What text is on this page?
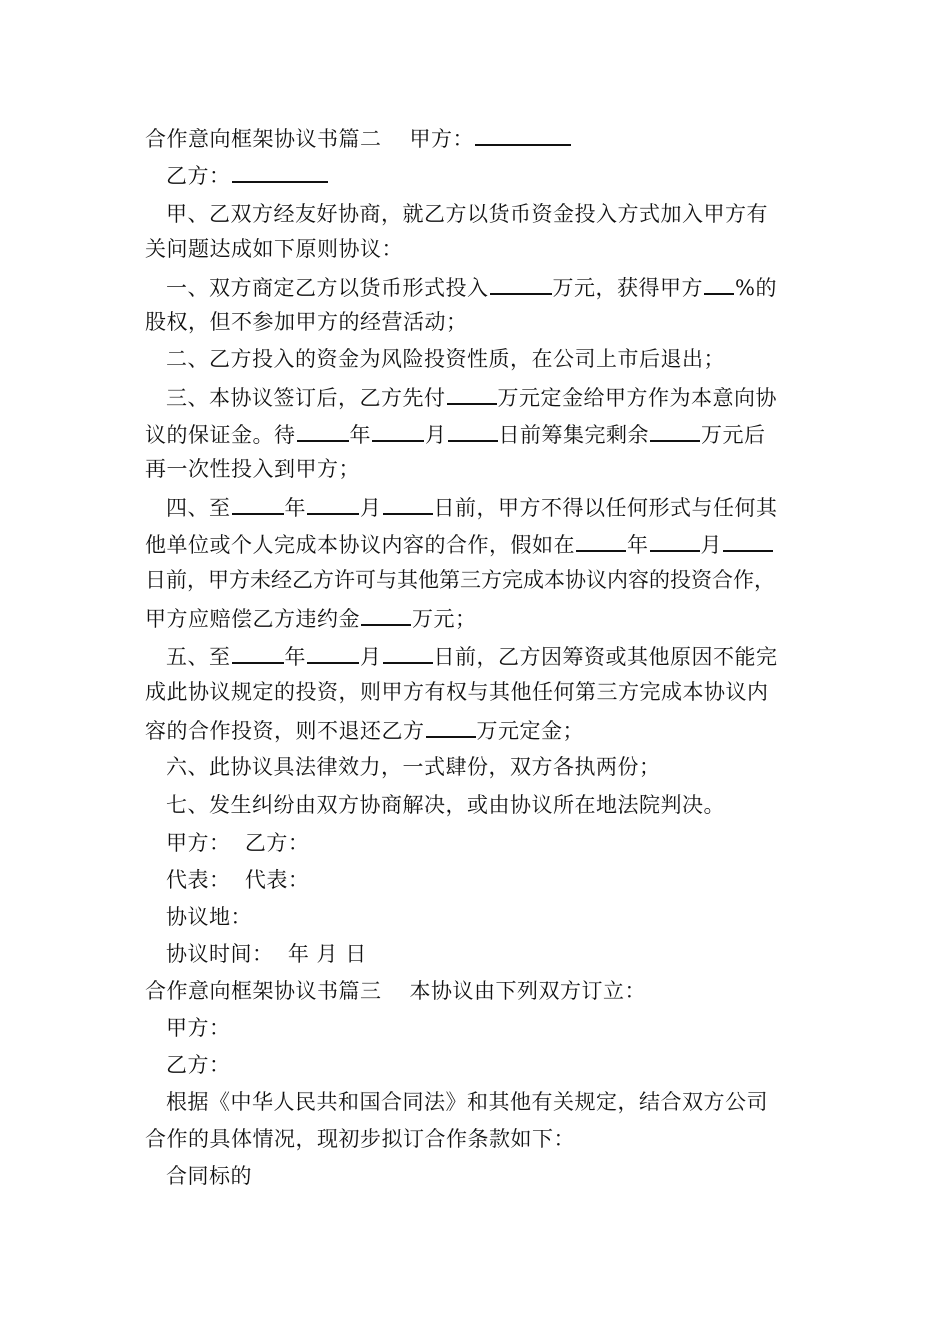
合作意向框架协议书篇二 甲方：
乙方：
甲、乙双方经友好协商，就乙方以货币资金投入方式加入甲方有
关问题达成如下原则协议：
一、双方商定乙方以货币形式投入	万元，获得甲方 %的
股权，但不参加甲方的经营活动；
二、乙方投入的资金为风险投资性质，在公司上市后退出；
三、本协议签订后，乙方先付 万元定金给甲方作为本意向协
议的保证金。待	年	月 日前筹集完剩余 万元后
再一次性投入到甲方；
四、至	年	月 日前，甲方不得以任何形式与任何其
他单位或个人完成本协议内容的合作，假如在 年 月
日前，甲方未经乙方许可与其他第三方完成本协议内容的投资合作，
甲方应赔偿乙方违约金 万元；
五、至	年	月 日前，乙方因筹资或其他原因不能完
成此协议规定的投资，则甲方有权与其他任何第三方完成本协议内
容的合作投资，则不退还乙方 万元定金；
六、此协议具法律效力，一式肆份，双方各执两份；
七、发生纠纷由双方协商解决，或由协议所在地法院判决。
甲方：  乙方：
代表：  代表：
协议地：
协议时间：  年 月 日
合作意向框架协议书篇三 本协议由下列双方订立：
甲方：
乙方：
根据《中华人民共和国合同法》和其他有关规定，结合双方公司
合作的具体情况，现初步拟订合作条款如下：
合同标的
